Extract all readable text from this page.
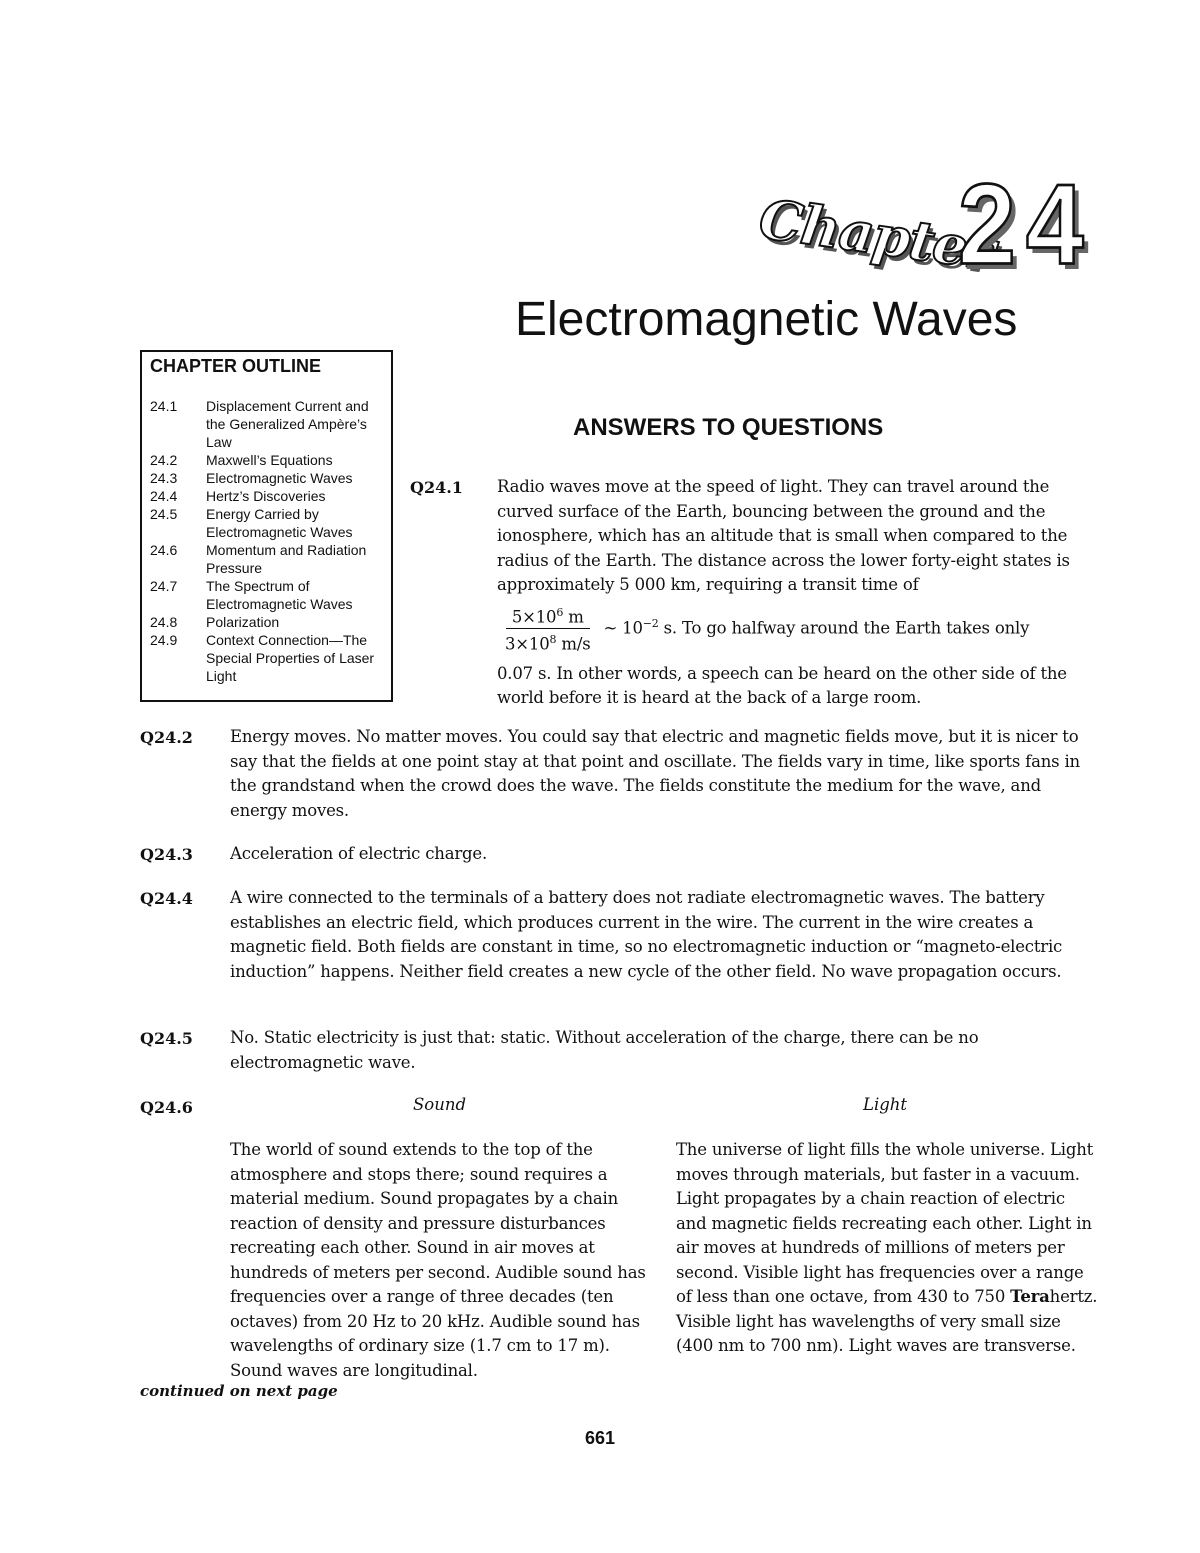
Chapter
24
Electromagnetic Waves
CHAPTER OUTLINE
24.1	Displacement Current and the Generalized Ampère’s Law
24.2	Maxwell’s Equations
24.3	Electromagnetic Waves
24.4	Hertz’s Discoveries
24.5	Energy Carried by Electromagnetic Waves
24.6	Momentum and Radiation Pressure
24.7	The Spectrum of Electromagnetic Waves
24.8	Polarization
24.9	Context Connection—The Special Properties of Laser Light
ANSWERS TO QUESTIONS
Q24.1 Radio waves move at the speed of light. They can travel around the curved surface of the Earth, bouncing between the ground and the ionosphere, which has an altitude that is small when compared to the radius of the Earth. The distance across the lower forty-eight states is approximately 5 000 km, requiring a transit time of
$\frac{5\times 10^6 m}{3\times 10^8 m/s}$ ~ $10^{-2}$ s. To go halfway around the Earth takes only
0.07 s. In other words, a speech can be heard on the other side of the world before it is heard at the back of a large room.
Q24.2 Energy moves. No matter moves. You could say that electric and magnetic fields move, but it is nicer to say that the fields at one point stay at that point and oscillate. The fields vary in time, like sports fans in the grandstand when the crowd does the wave. The fields constitute the medium for the wave, and energy moves.
Q24.3 Acceleration of electric charge.
Q24.4 A wire connected to the terminals of a battery does not radiate electromagnetic waves. The battery establishes an electric field, which produces current in the wire. The current in the wire creates a magnetic field. Both fields are constant in time, so no electromagnetic induction or “magneto-electric induction” happens. Neither field creates a new cycle of the other field. No wave propagation occurs.
Q24.5 No. Static electricity is just that: static. Without acceleration of the charge, there can be no electromagnetic wave.
Q24.6	Sound	Light
The world of sound extends to the top of the atmosphere and stops there; sound requires a material medium. Sound propagates by a chain reaction of density and pressure disturbances recreating each other. Sound in air moves at hundreds of meters per second. Audible sound has frequencies over a range of three decades (ten octaves) from 20 Hz to 20 kHz. Audible sound has wavelengths of ordinary size (1.7 cm to 17 m). Sound waves are longitudinal.
The universe of light fills the whole universe. Light moves through materials, but faster in a vacuum. Light propagates by a chain reaction of electric and magnetic fields recreating each other. Light in air moves at hundreds of millions of meters per second. Visible light has frequencies over a range of less than one octave, from 430 to 750 Terahertz. Visible light has wavelengths of very small size (400 nm to 700 nm). Light waves are transverse.
continued on next page
661
